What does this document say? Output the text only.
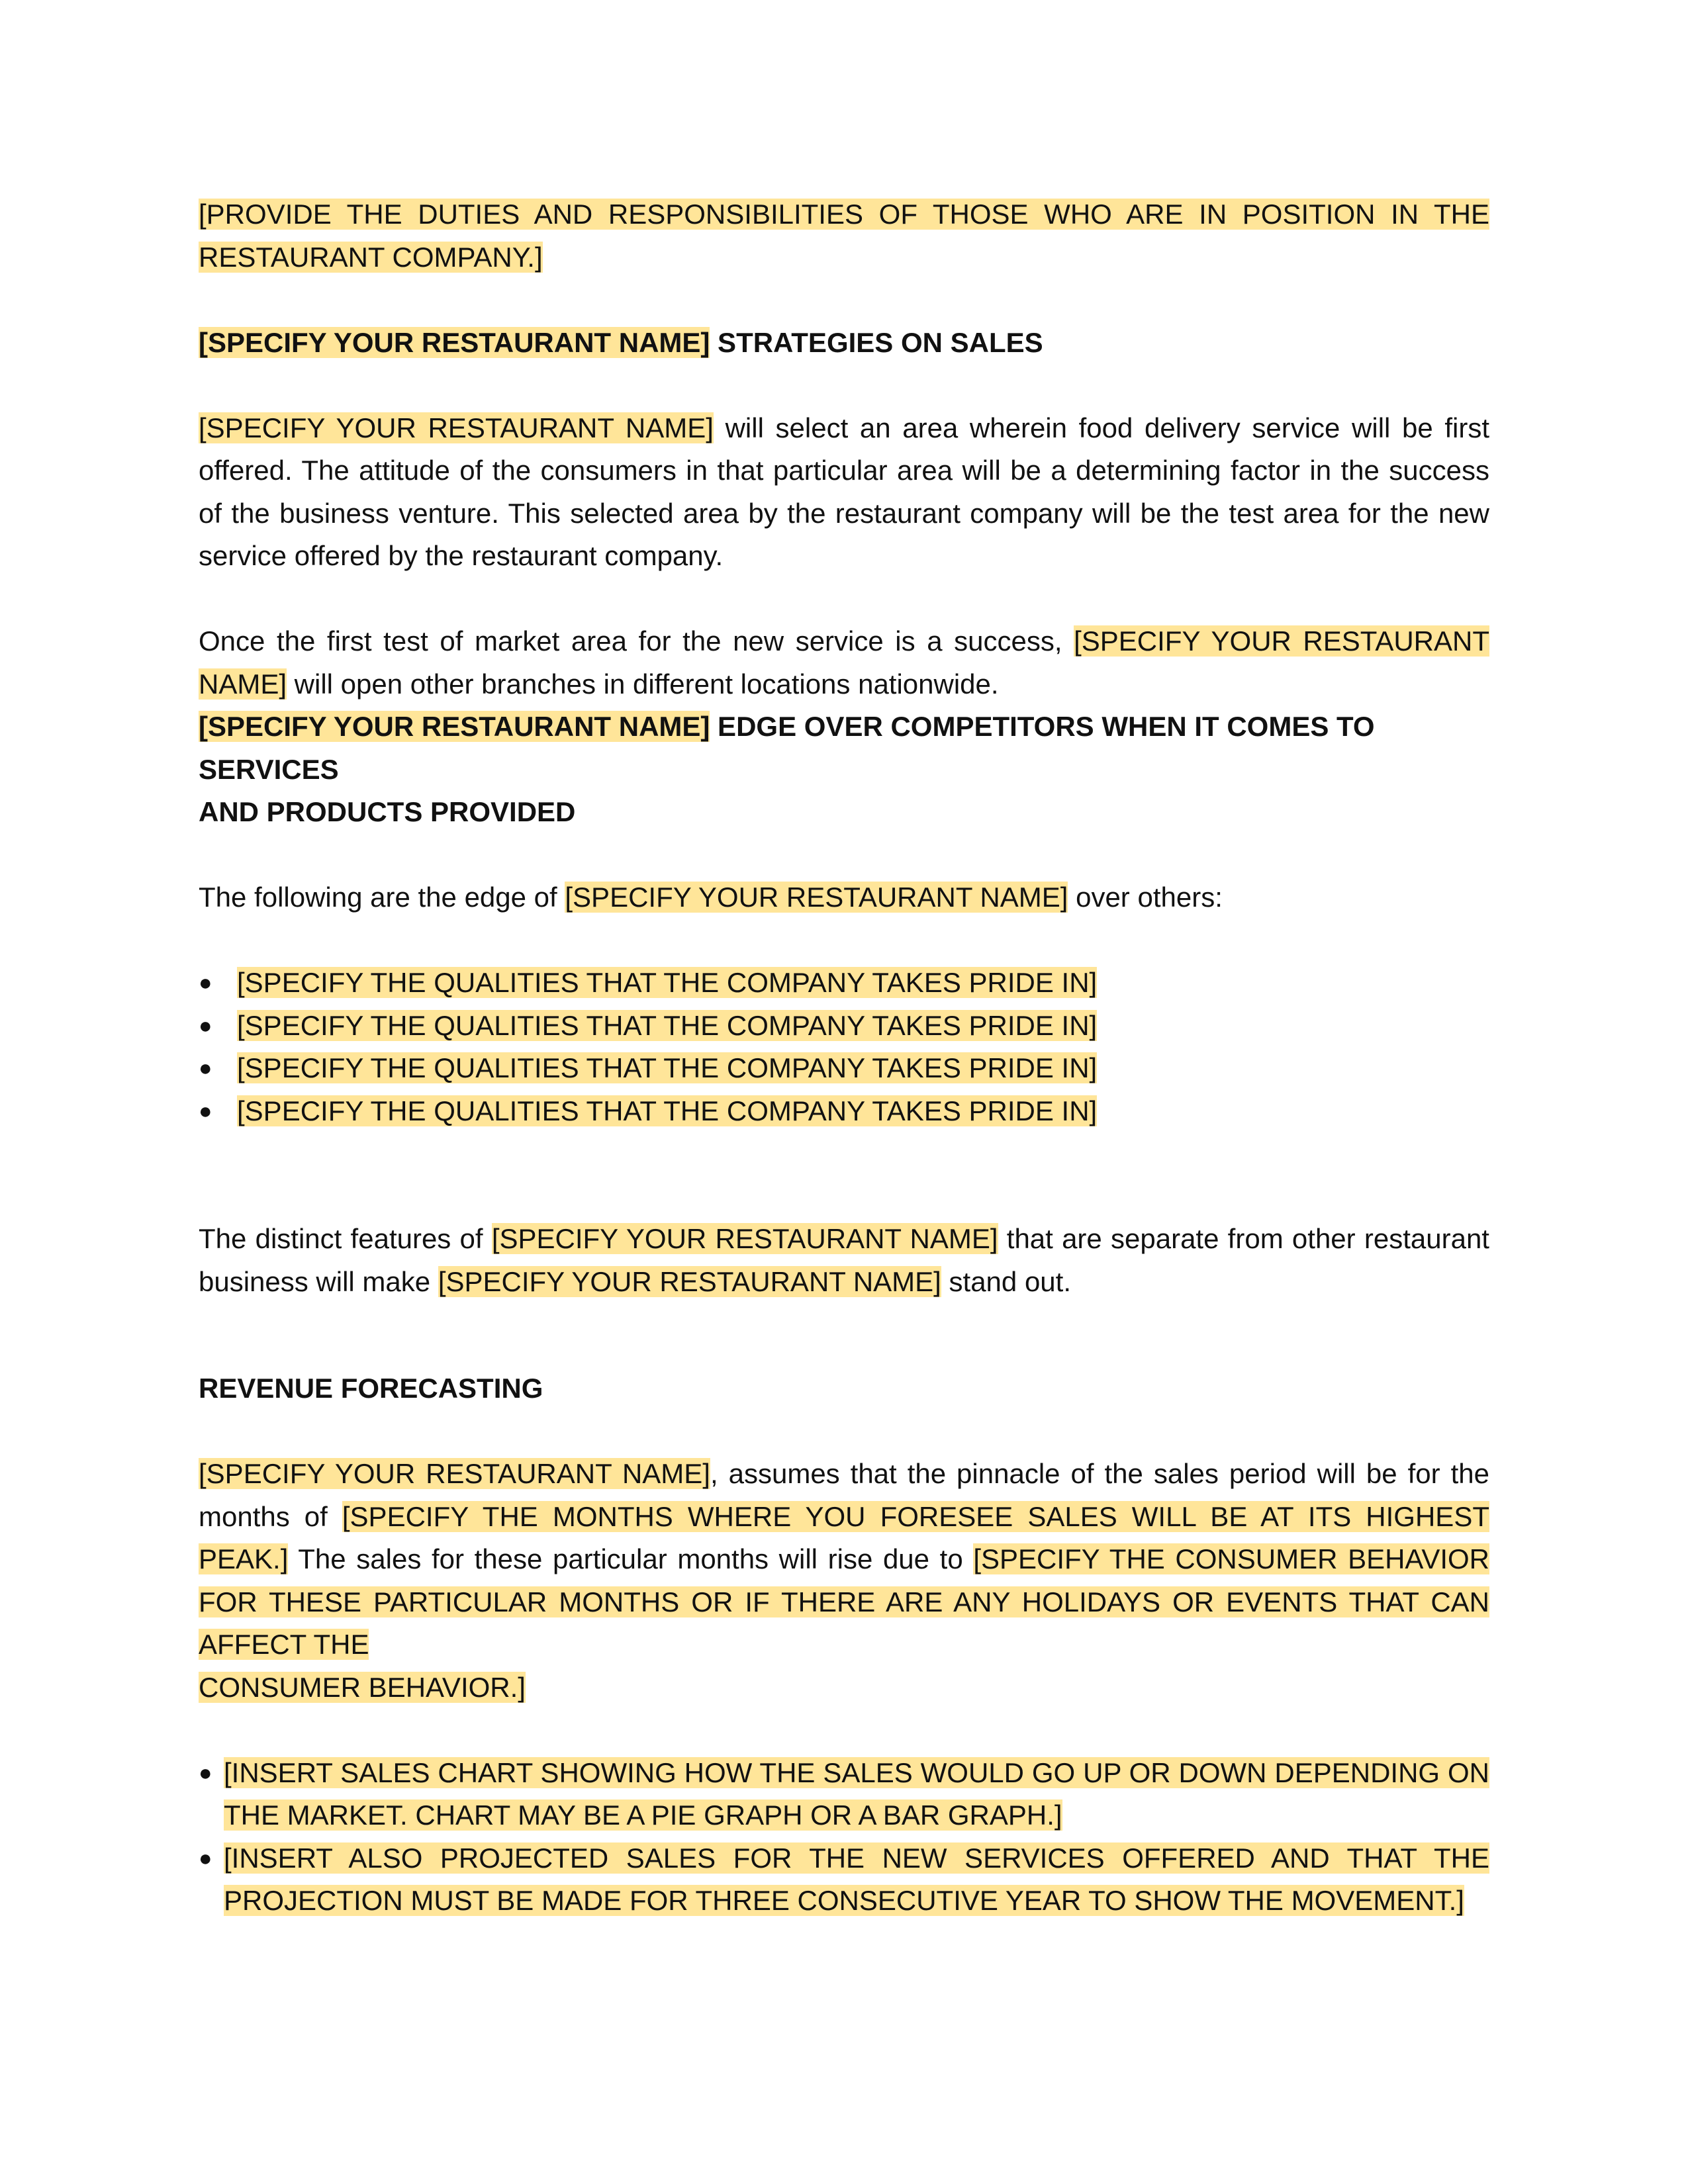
[PROVIDE THE DUTIES AND RESPONSIBILITIES OF THOSE WHO ARE IN POSITION IN THE RESTAURANT COMPANY.]

[SPECIFY YOUR RESTAURANT NAME] STRATEGIES ON SALES

[SPECIFY YOUR RESTAURANT NAME] will select an area wherein food delivery service will be first offered. The attitude of the consumers in that particular area will be a determining factor in the success of the business venture. This selected area by the restaurant company will be the test area for the new service offered by the restaurant company.

Once the first test of market area for the new service is a success, [SPECIFY YOUR RESTAURANT NAME] will open other branches in different locations nationwide.

[SPECIFY YOUR RESTAURANT NAME] EDGE OVER COMPETITORS WHEN IT COMES TO SERVICES
AND PRODUCTS PROVIDED

The following are the edge of [SPECIFY YOUR RESTAURANT NAME] over others:

● [SPECIFY THE QUALITIES THAT THE COMPANY TAKES PRIDE IN]
● [SPECIFY THE QUALITIES THAT THE COMPANY TAKES PRIDE IN]
● [SPECIFY THE QUALITIES THAT THE COMPANY TAKES PRIDE IN]
● [SPECIFY THE QUALITIES THAT THE COMPANY TAKES PRIDE IN]

The distinct features of [SPECIFY YOUR RESTAURANT NAME] that are separate from other restaurant business will make [SPECIFY YOUR RESTAURANT NAME] stand out.

REVENUE FORECASTING

[SPECIFY YOUR RESTAURANT NAME], assumes that the pinnacle of the sales period will be for the months of [SPECIFY THE MONTHS WHERE YOU FORESEE SALES WILL BE AT ITS HIGHEST PEAK.] The sales for these particular months will rise due to [SPECIFY THE CONSUMER BEHAVIOR FOR THESE PARTICULAR MONTHS OR IF THERE ARE ANY HOLIDAYS OR EVENTS THAT CAN AFFECT THE
CONSUMER BEHAVIOR.]

● [INSERT SALES CHART SHOWING HOW THE SALES WOULD GO UP OR DOWN DEPENDING ON THE MARKET. CHART MAY BE A PIE GRAPH OR A BAR GRAPH.]
● [INSERT ALSO PROJECTED SALES FOR THE NEW SERVICES OFFERED AND THAT THE PROJECTION MUST BE MADE FOR THREE CONSECUTIVE YEAR TO SHOW THE MOVEMENT.]
